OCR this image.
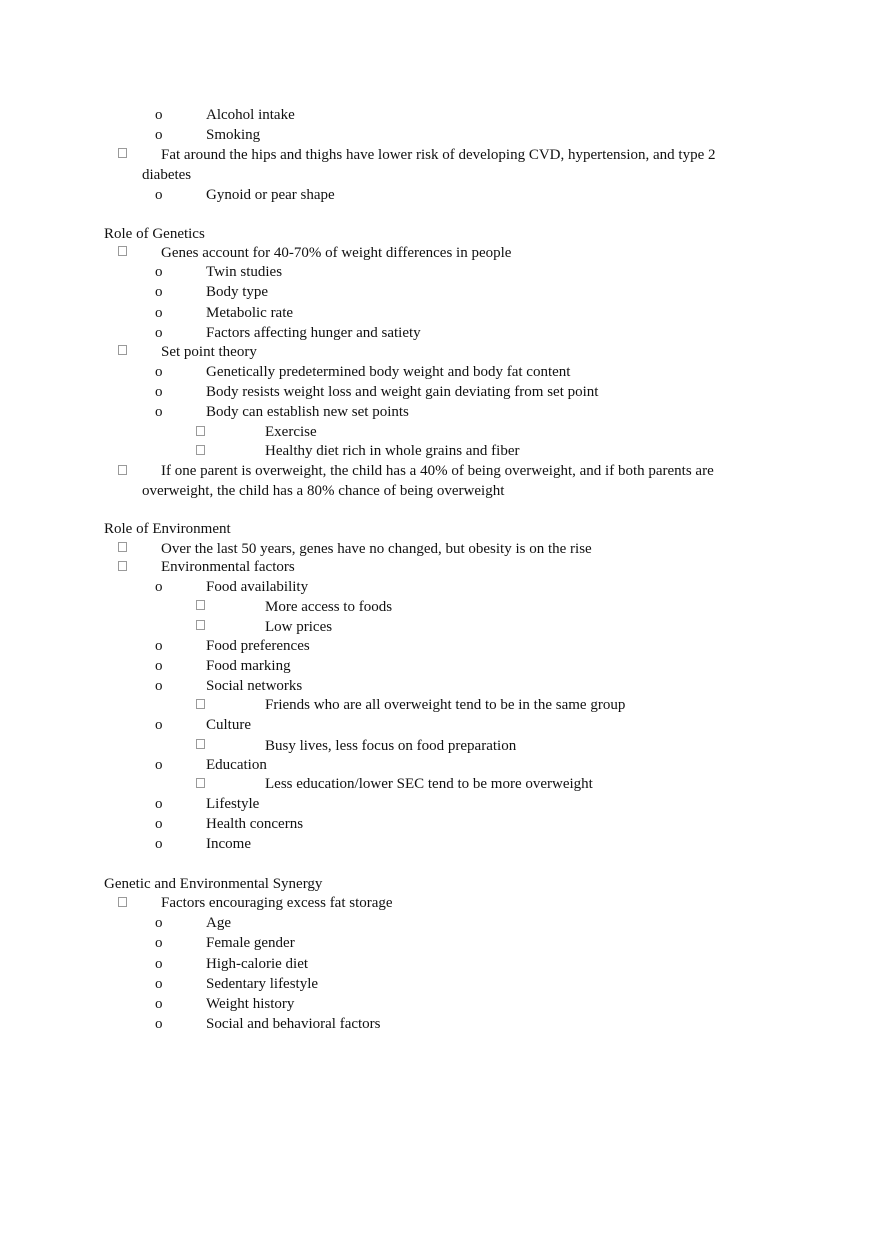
o	Alcohol intake
o	Smoking
Fat around the hips and thighs have lower risk of developing CVD, hypertension, and type 2
diabetes
o	Gynoid or pear shape
Role of Genetics
Genes account for 40-70% of weight differences in people
o	Twin studies
o	Body type
o	Metabolic rate
o	Factors affecting hunger and satiety
Set point theory
o	Genetically predetermined body weight and body fat content
o	Body resists weight loss and weight gain deviating from set point
o	Body can establish new set points
Exercise
Healthy diet rich in whole grains and fiber
If one parent is overweight, the child has a 40% of being overweight, and if both parents are
overweight, the child has a 80% chance of being overweight
Role of Environment
Over the last 50 years, genes have no changed, but obesity is on the rise
Environmental factors
o	Food availability
More access to foods
Low prices
o	Food preferences
o	Food marking
o	Social networks
Friends who are all overweight tend to be in the same group
o	Culture
Busy lives, less focus on food preparation
o	Education
Less education/lower SEC tend to be more overweight
o	Lifestyle
o	Health concerns
o	Income
Genetic and Environmental Synergy
Factors encouraging excess fat storage
o	Age
o	Female gender
o	High-calorie diet
o	Sedentary lifestyle
o	Weight history
o	Social and behavioral factors
